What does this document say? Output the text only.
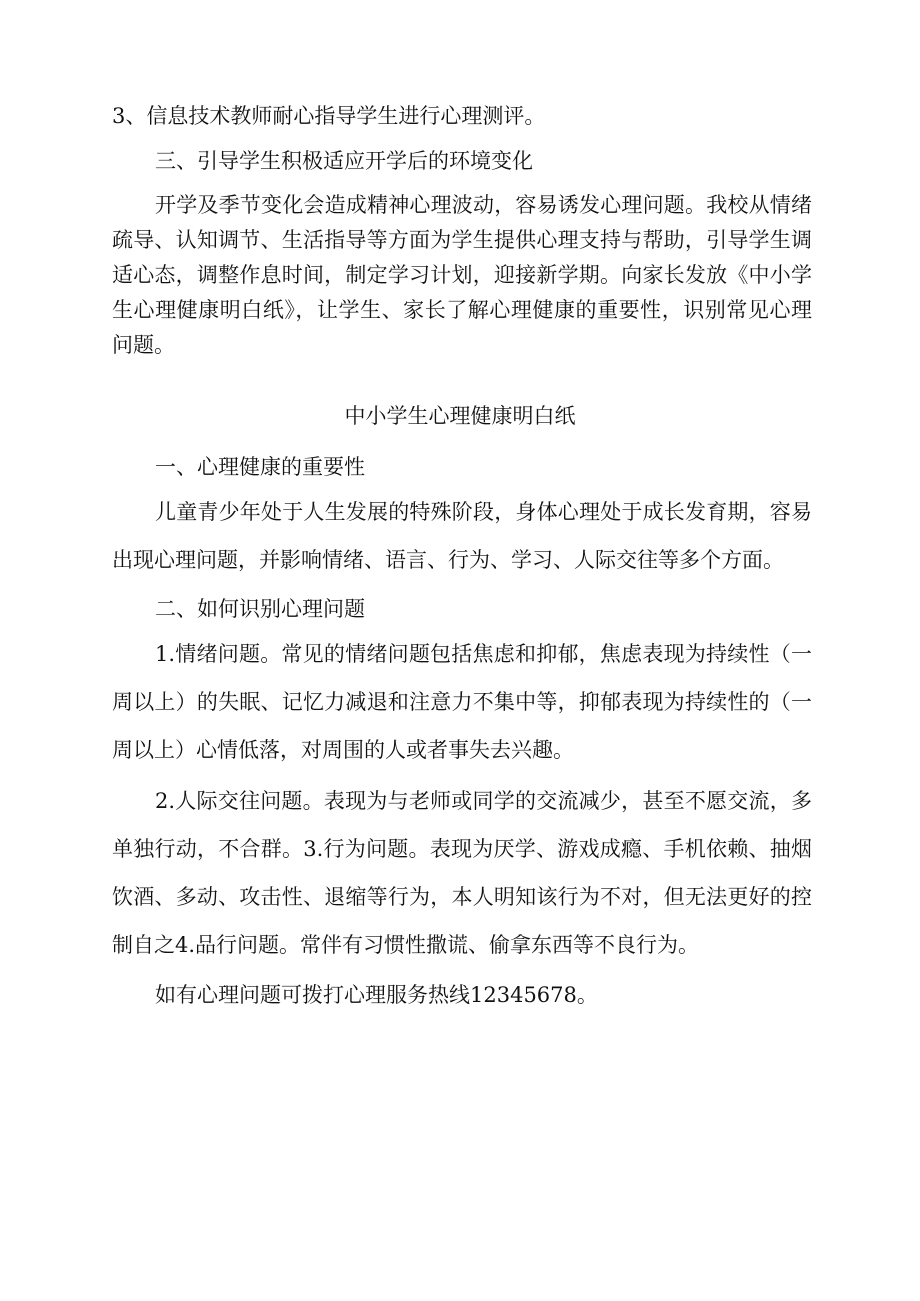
3、信息技术教师耐心指导学生进行心理测评。

三、引导学生积极适应开学后的环境变化

开学及季节变化会造成精神心理波动，容易诱发心理问题。我校从情绪疏导、认知调节、生活指导等方面为学生提供心理支持与帮助，引导学生调适心态，调整作息时间，制定学习计划，迎接新学期。向家长发放《中小学生心理健康明白纸》，让学生、家长了解心理健康的重要性，识别常见心理问题。

中小学生心理健康明白纸

一、心理健康的重要性

儿童青少年处于人生发展的特殊阶段，身体心理处于成长发育期，容易出现心理问题，并影响情绪、语言、行为、学习、人际交往等多个方面。

二、如何识别心理问题

1.情绪问题。常见的情绪问题包括焦虑和抑郁，焦虑表现为持续性（一周以上）的失眠、记忆力减退和注意力不集中等，抑郁表现为持续性的（一周以上）心情低落，对周围的人或者事失去兴趣。

2.人际交往问题。表现为与老师或同学的交流减少，甚至不愿交流，多单独行动，不合群。3.行为问题。表现为厌学、游戏成瘾、手机依赖、抽烟饮酒、多动、攻击性、退缩等行为，本人明知该行为不对，但无法更好的控制自之4.品行问题。常伴有习惯性撒谎、偷拿东西等不良行为。

如有心理问题可拨打心理服务热线12345678。
